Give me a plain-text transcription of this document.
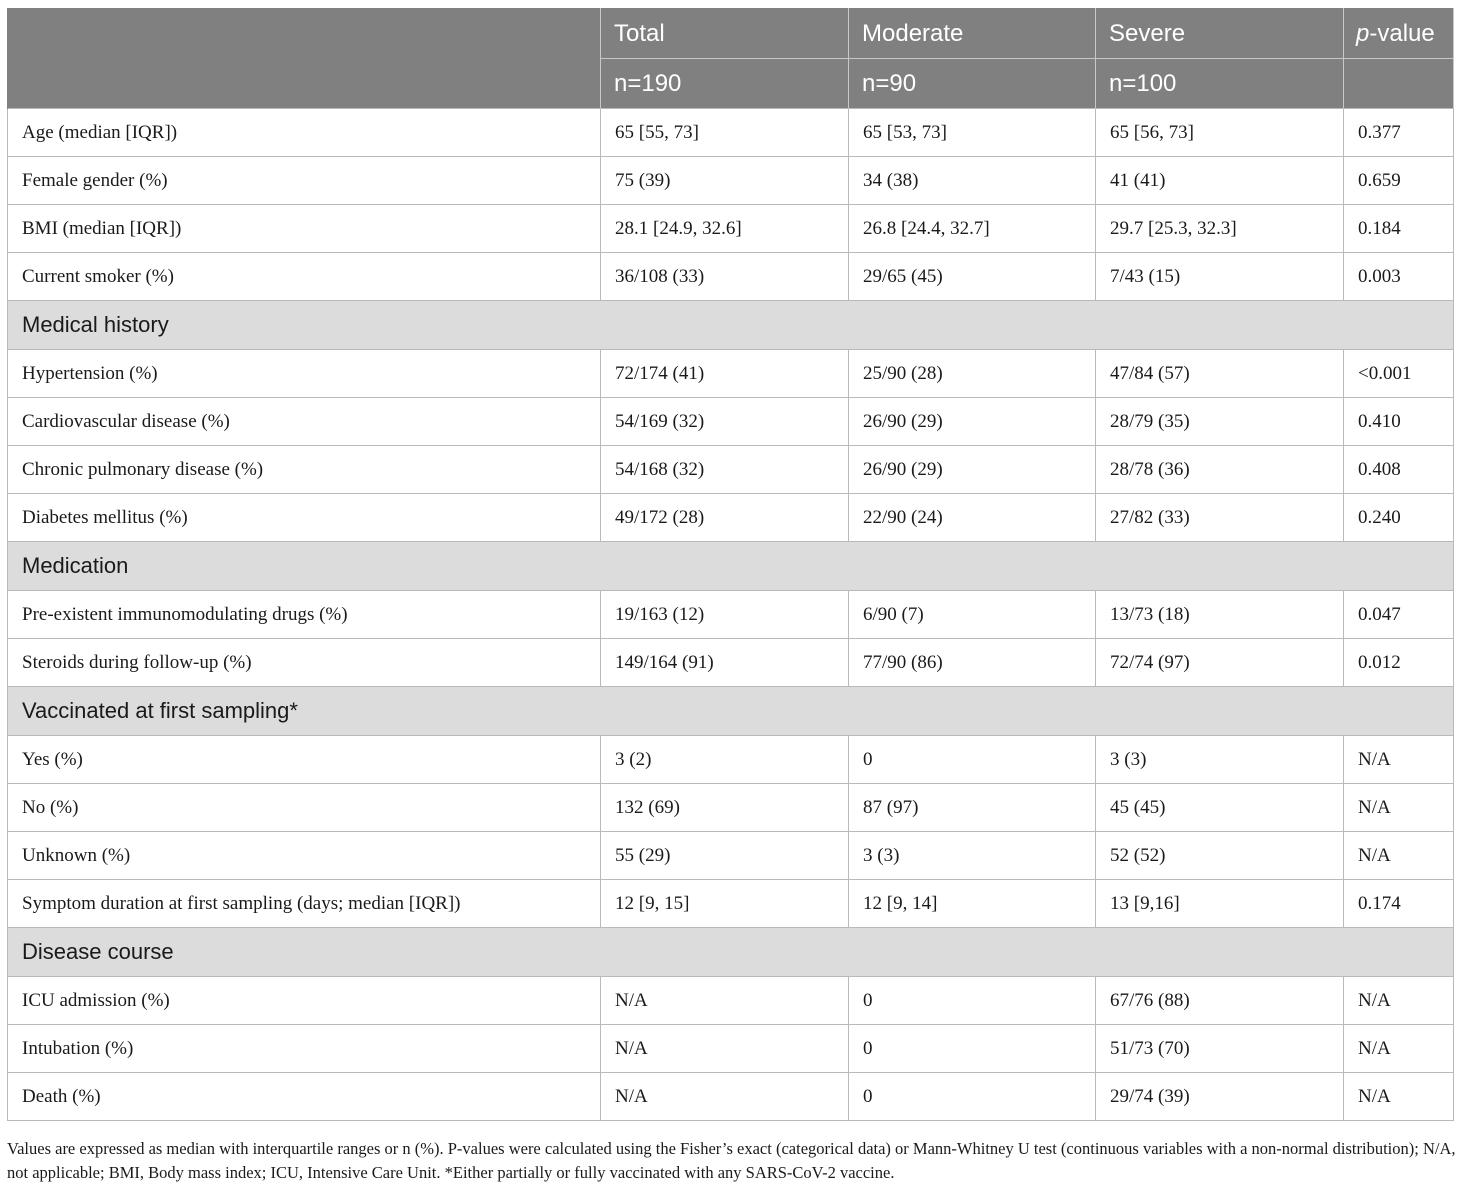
	Total	Moderate	Severe	p-value
	n=190	n=90	n=100	
Age (median [IQR])	65 [55, 73]	65 [53, 73]	65 [56, 73]	0.377
Female gender (%)	75 (39)	34 (38)	41 (41)	0.659
BMI (median [IQR])	28.1 [24.9, 32.6]	26.8 [24.4, 32.7]	29.7 [25.3, 32.3]	0.184
Current smoker (%)	36/108 (33)	29/65 (45)	7/43 (15)	0.003
Medical history				
Hypertension (%)	72/174 (41)	25/90 (28)	47/84 (57)	<0.001
Cardiovascular disease (%)	54/169 (32)	26/90 (29)	28/79 (35)	0.410
Chronic pulmonary disease (%)	54/168 (32)	26/90 (29)	28/78 (36)	0.408
Diabetes mellitus (%)	49/172 (28)	22/90 (24)	27/82 (33)	0.240
Medication				
Pre-existent immunomodulating drugs (%)	19/163 (12)	6/90 (7)	13/73 (18)	0.047
Steroids during follow-up (%)	149/164 (91)	77/90 (86)	72/74 (97)	0.012
Vaccinated at first sampling*				
Yes (%)	3 (2)	0	3 (3)	N/A
No (%)	132 (69)	87 (97)	45 (45)	N/A
Unknown (%)	55 (29)	3 (3)	52 (52)	N/A
Symptom duration at first sampling (days; median [IQR])	12 [9, 15]	12 [9, 14]	13 [9,16]	0.174
Disease course				
ICU admission (%)	N/A	0	67/76 (88)	N/A
Intubation (%)	N/A	0	51/73 (70)	N/A
Death (%)	N/A	0	29/74 (39)	N/A
Values are expressed as median with interquartile ranges or n (%). P-values were calculated using the Fisher’s exact (categorical data) or Mann-Whitney U test (continuous variables with a non-normal distribution); N/A, not applicable; BMI, Body mass index; ICU, Intensive Care Unit. *Either partially or fully vaccinated with any SARS-CoV-2 vaccine.
